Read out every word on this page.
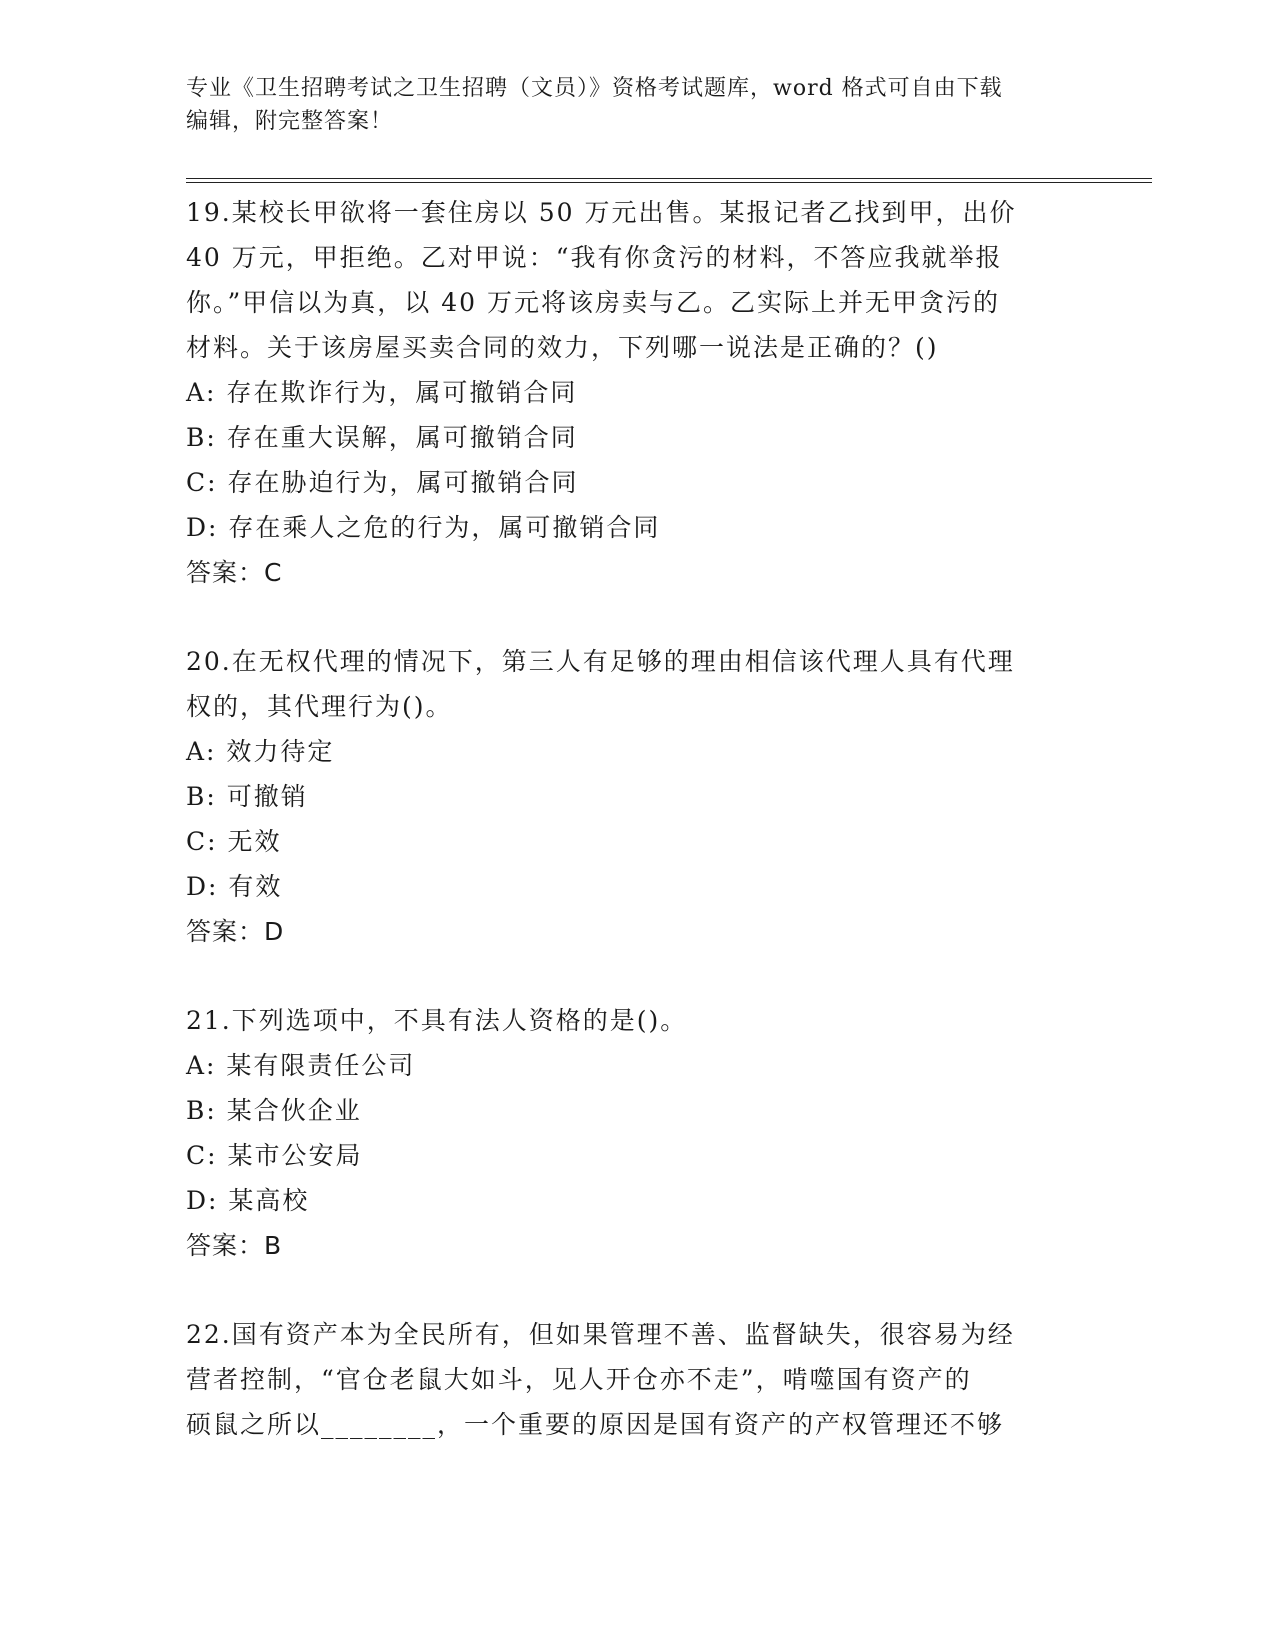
专业《卫生招聘考试之卫生招聘（文员）》资格考试题库，word 格式可自由下载
编辑，附完整答案！
19.某校长甲欲将一套住房以 50 万元出售。某报记者乙找到甲，出价
40 万元，甲拒绝。乙对甲说：“我有你贪污的材料，不答应我就举报
你。”甲信以为真，以 40 万元将该房卖与乙。乙实际上并无甲贪污的
材料。关于该房屋买卖合同的效力，下列哪一说法是正确的？()
A: 存在欺诈行为，属可撤销合同
B: 存在重大误解，属可撤销合同
C: 存在胁迫行为，属可撤销合同
D: 存在乘人之危的行为，属可撤销合同
答案：C
20.在无权代理的情况下，第三人有足够的理由相信该代理人具有代理
权的，其代理行为()。
A: 效力待定
B: 可撤销
C: 无效
D: 有效
答案：D
21.下列选项中，不具有法人资格的是()。
A: 某有限责任公司
B: 某合伙企业
C: 某市公安局
D: 某高校
答案：B
22.国有资产本为全民所有，但如果管理不善、监督缺失，很容易为经
营者控制，“官仓老鼠大如斗，见人开仓亦不走”，啃噬国有资产的
硕鼠之所以________，一个重要的原因是国有资产的产权管理还不够
